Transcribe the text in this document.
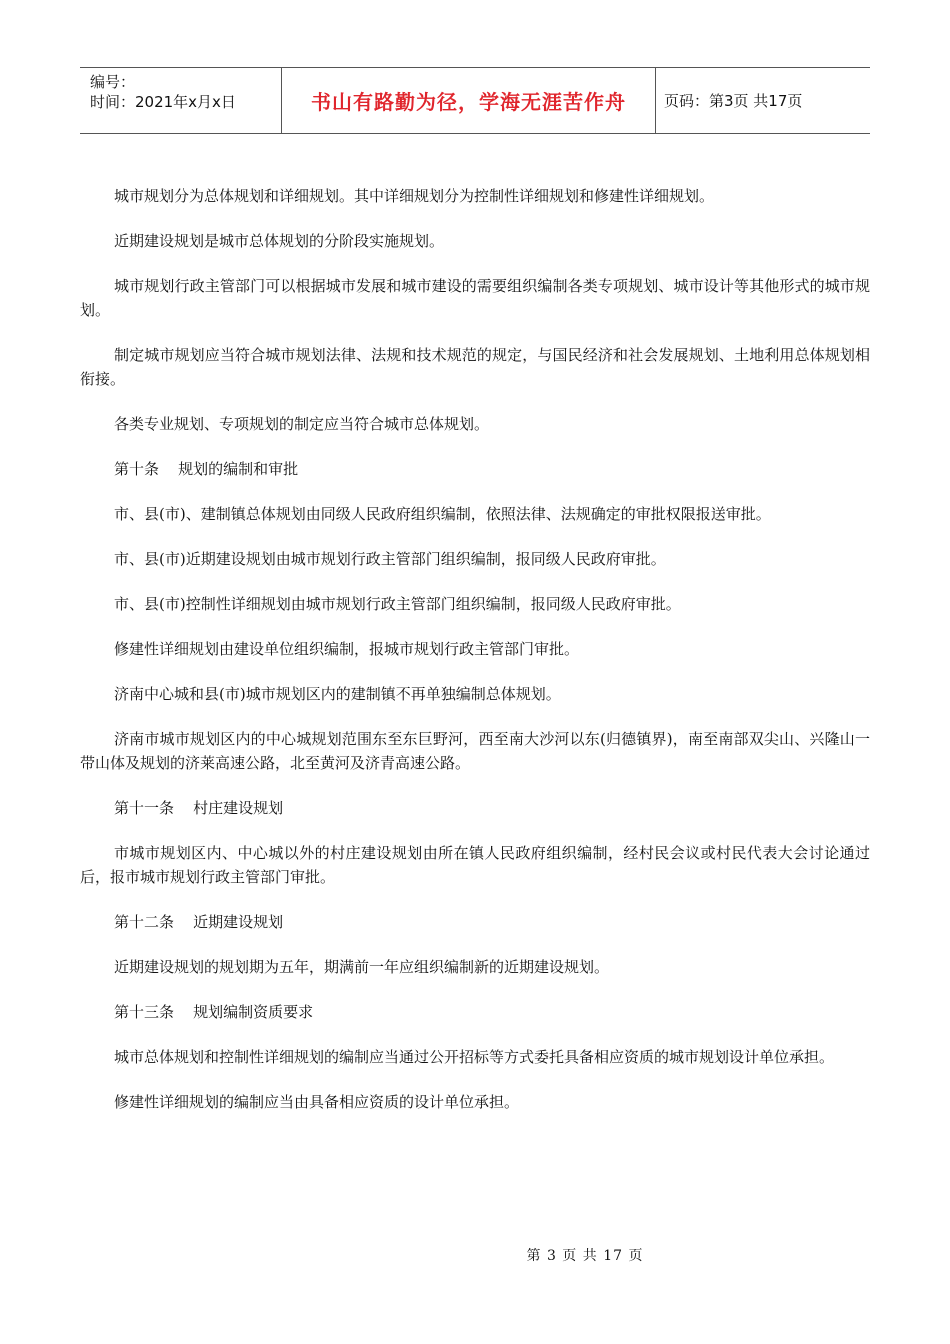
编号：
时间：2021年x月x日	书山有路勤为径，学海无涯苦作舟	页码：第3页 共17页

城市规划分为总体规划和详细规划。其中详细规划分为控制性详细规划和修建性详细规划。

近期建设规划是城市总体规划的分阶段实施规划。

城市规划行政主管部门可以根据城市发展和城市建设的需要组织编制各类专项规划、城市设计等其他形式的城市规划。

制定城市规划应当符合城市规划法律、法规和技术规范的规定，与国民经济和社会发展规划、土地利用总体规划相衔接。

各类专业规划、专项规划的制定应当符合城市总体规划。

第十条    规划的编制和审批

市、县(市)、建制镇总体规划由同级人民政府组织编制，依照法律、法规确定的审批权限报送审批。

市、县(市)近期建设规划由城市规划行政主管部门组织编制，报同级人民政府审批。

市、县(市)控制性详细规划由城市规划行政主管部门组织编制，报同级人民政府审批。

修建性详细规划由建设单位组织编制，报城市规划行政主管部门审批。

济南中心城和县(市)城市规划区内的建制镇不再单独编制总体规划。

济南市城市规划区内的中心城规划范围东至东巨野河，西至南大沙河以东(归德镇界)，南至南部双尖山、兴隆山一带山体及规划的济莱高速公路，北至黄河及济青高速公路。

第十一条    村庄建设规划

市城市规划区内、中心城以外的村庄建设规划由所在镇人民政府组织编制，经村民会议或村民代表大会讨论通过后，报市城市规划行政主管部门审批。

第十二条    近期建设规划

近期建设规划的规划期为五年，期满前一年应组织编制新的近期建设规划。

第十三条    规划编制资质要求

城市总体规划和控制性详细规划的编制应当通过公开招标等方式委托具备相应资质的城市规划设计单位承担。

修建性详细规划的编制应当由具备相应资质的设计单位承担。

第 3 页 共 17 页
